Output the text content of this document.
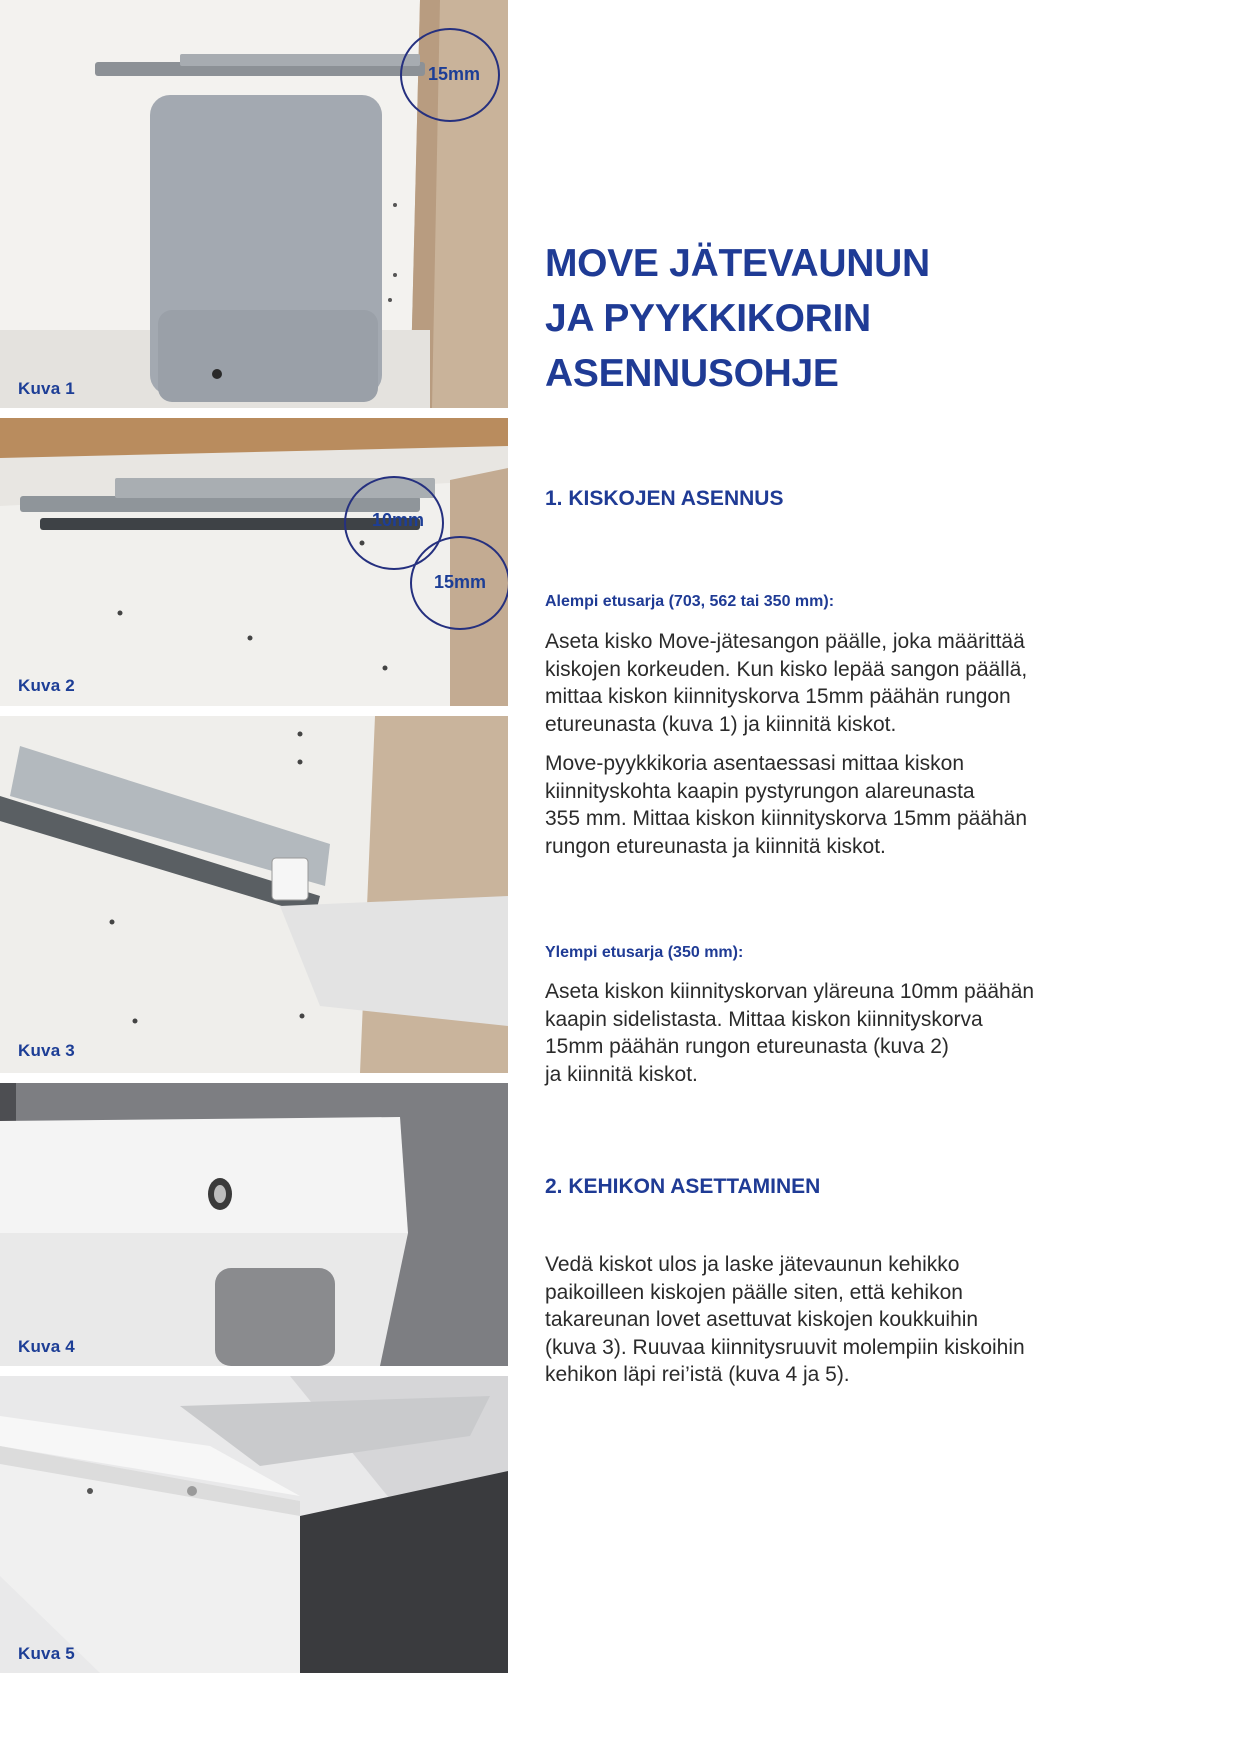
15mm
Kuva 1
10mm
15mm
Kuva 2
Kuva 3
Kuva 4
Kuva 5
MOVE JÄTEVAUNUN
JA PYYKKIKORIN ASENNUSOHJE
1. KISKOJEN ASENNUS
Alempi etusarja (703, 562 tai 350 mm):

Aseta kisko Move-jätesangon päälle, joka määrittää
kiskojen korkeuden. Kun kisko lepää sangon päällä,
mittaa kiskon kiinnityskorva 15mm päähän rungon
etureunasta (kuva 1) ja kiinnitä kiskot.

Move-pyykkikoria asentaessasi mittaa kiskon
kiinnityskohta kaapin pystyrungon alareunasta
355 mm. Mittaa kiskon kiinnityskorva 15mm päähän
rungon etureunasta ja kiinnitä kiskot.

Ylempi etusarja (350 mm):

Aseta kiskon kiinnityskorvan yläreuna 10mm päähän
kaapin sidelistasta. Mittaa kiskon kiinnityskorva
15mm päähän rungon etureunasta (kuva 2)
ja kiinnitä kiskot.

2. KEHIKON ASETTAMINEN

Vedä kiskot ulos ja laske jätevaunun kehikko
paikoilleen kiskojen päälle siten, että kehikon
takareunan lovet asettuvat kiskojen koukkuihin
(kuva 3). Ruuvaa kiinnitysruuvit molempiin kiskoihin
kehikon läpi rei’istä (kuva 4 ja 5).
